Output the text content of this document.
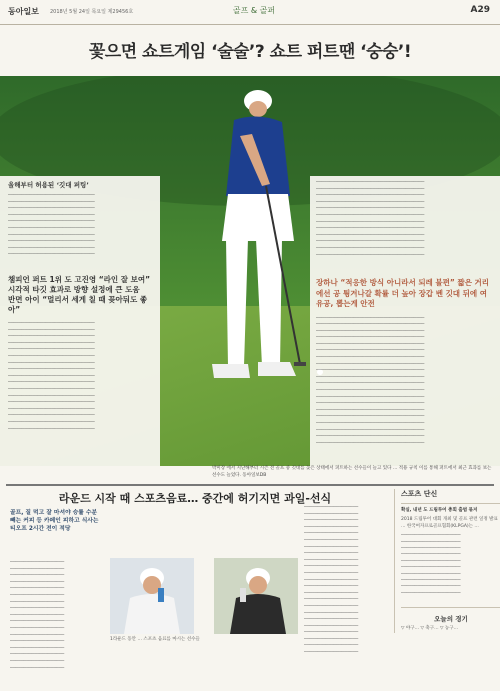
동아일보 2018년 5월 24일 목요일 제29456호	골프 & 골퍼	A29
꽃으면 쇼트게임 ‘술술’? 쇼트 퍼트땐 ‘숭숭’!
올해부터 허용된 ‘깃대 퍼팅’
──────────────────────────────── ──────────────────────────────── ──────────────────────────────── ──────────────────────────────── ──────────────────────────────── ──────────────────────────────── ──────────────────────────────── ──────────────────────────────── ──────────────────────────────── ────────────────────────────────
챔피언 퍼트 1위 도 고진영 “라인 잘 보여” 시각적 타깃 효과로 방향 설정에 큰 도움
반면 아이 “멀리서 세게 칠 때 꽂아둬도 좋아”
──────────────────────────────── ──────────────────────────────── ──────────────────────────────── ──────────────────────────────── ──────────────────────────────── ──────────────────────────────── ──────────────────────────────── ──────────────────────────────── ──────────────────────────────── ──────────────────────────────── ──────────────────────────────── ──────────────────────────────── ──────────────────────────────── ──────────────────────────────── ──────────────────────────────── ──────────────────────────────── ────────────────────────────────
──────────────────────────────────────── ──────────────────────────────────────── ──────────────────────────────────────── ──────────────────────────────────────── ──────────────────────────────────────── ──────────────────────────────────────── ──────────────────────────────────────── ──────────────────────────────────────── ──────────────────────────────────────── ──────────────────────────────────────── ──────────────────────────────────────── ────────────────────────────────────────
장하나 “적응한 방식 아니라서 되레 불편” 짧은 거리에선 공 튕겨나갈 확률 더 높아 장갑 벤 깃대 뒤에 여유공, 뽑는게 안전
──────────────────────────────────────── ──────────────────────────────────────── ──────────────────────────────────────── ──────────────────────────────────────── ──────────────────────────────────────── ──────────────────────────────────────── ──────────────────────────────────────── ──────────────────────────────────────── ──────────────────────────────────────── ──────────────────────────────────────── ──────────────────────────────────────── ──────────────────────────────────────── ──────────────────────────────────────── ──────────────────────────────────────── ──────────────────────────────────────── ──────────────────────────────────────── ──────────────────────────────────────── ──────────────────────────────────────── ──────────────────────────────────────── ────────────────────────────────────────
박미장 에서 지난해부터 시즌 전 골프 중 깃대를 꽂은 상태에서 퍼트하는 선수들이 늘고 있다 … 적용 규칙 이를 통해 퍼트에서 최근 효과를 보는 선수도 늘었다. 동아일보DB
라운드 시작 때 스포츠음료… 중간에 허기지면 과일-선식
골프, 질 먹고 잘 마셔야 승률 수분 빼는 커피 등 카페인 피하고 식사는 티오프 2시간 전이 적당
──────────────────── ──────────────────── ──────────────────── ──────────────────── ──────────────────── ──────────────────── ──────────────────── ──────────────────── ──────────────────── ──────────────────── ──────────────────── ──────────────────── ──────────────────── ──────────────────── ──────────────────── ──────────────────── ────────────────────
1라운드 동안 … 스포츠 음료를 마시는 선수들
──────────────────── ──────────────────── ──────────────────── ──────────────────── ──────────────────── ──────────────────── ──────────────────── ──────────────────── ──────────────────── ──────────────────── ──────────────────── ──────────────────── ──────────────────── ──────────────────── ──────────────────── ──────────────────── ──────────────────── ──────────────────── ──────────────────── ──────────────────── ──────────────────── ──────────────────── ────────────────────
스포츠 단신
확실, 내년 도 드림투어 총회 출범 묶저
2018 드림투어 대회 개최 및 골프 관련 일정 발표 … 한국여자프로골프협회(KLPGA)는 …
────────────────────── ────────────────────── ────────────────────── ────────────────────── ────────────────────── ────────────────────── ────────────────────── ────────────────────── ────────────────────── ──────────────────────
오늘의 경기
▽ 야구… ▽ 축구… ▽ 농구…
